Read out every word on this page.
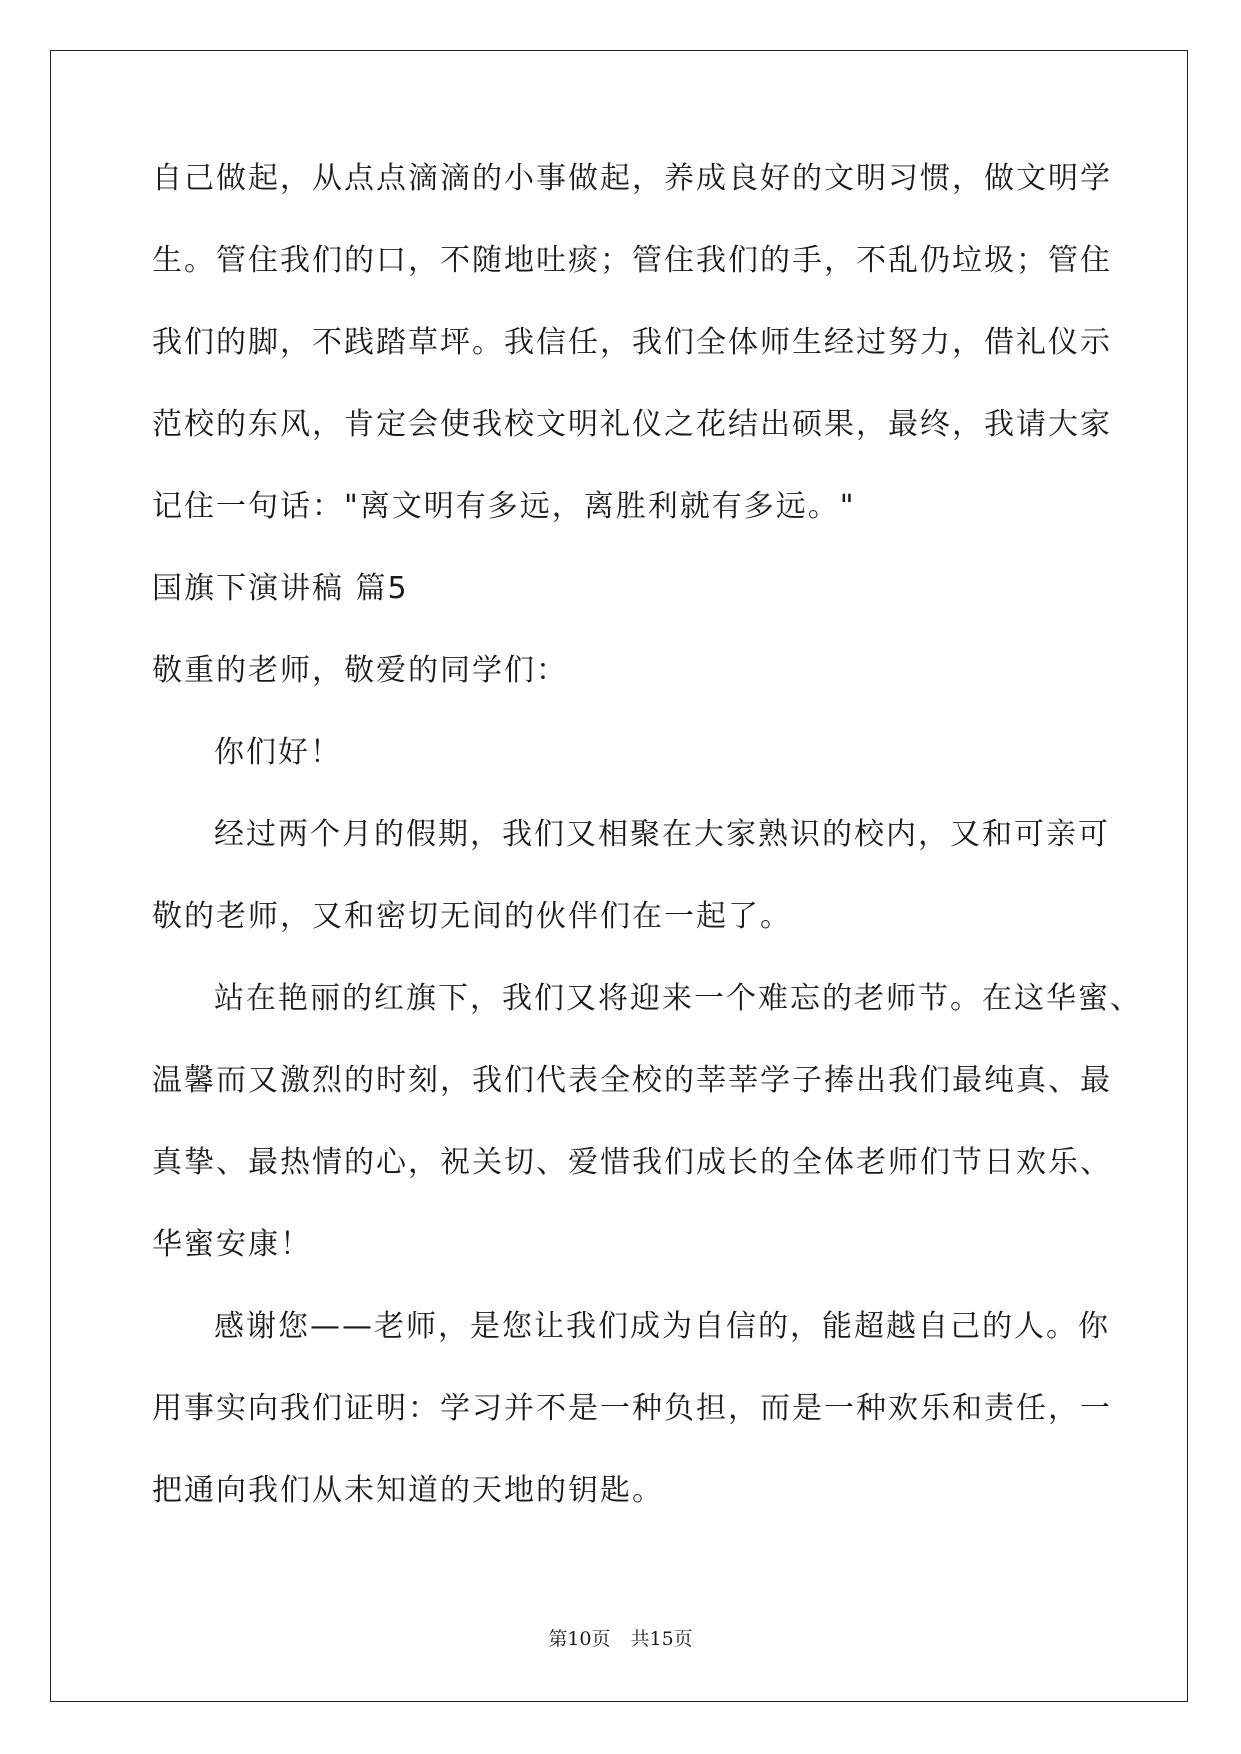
自己做起，从点点滴滴的小事做起，养成良好的文明习惯，做文明学

生。管住我们的口，不随地吐痰；管住我们的手，不乱仍垃圾；管住

我们的脚，不践踏草坪。我信任，我们全体师生经过努力，借礼仪示

范校的东风，肯定会使我校文明礼仪之花结出硕果，最终，我请大家

记住一句话："离文明有多远，离胜利就有多远。"

国旗下演讲稿 篇5

敬重的老师，敬爱的同学们：

你们好！

经过两个月的假期，我们又相聚在大家熟识的校内，又和可亲可

敬的老师，又和密切无间的伙伴们在一起了。

站在艳丽的红旗下，我们又将迎来一个难忘的老师节。在这华蜜、

温馨而又激烈的时刻，我们代表全校的莘莘学子捧出我们最纯真、最

真挚、最热情的心，祝关切、爱惜我们成长的全体老师们节日欢乐、

华蜜安康！

感谢您——老师，是您让我们成为自信的，能超越自己的人。你

用事实向我们证明：学习并不是一种负担，而是一种欢乐和责任，一

把通向我们从未知道的天地的钥匙。

第10页 共15页
